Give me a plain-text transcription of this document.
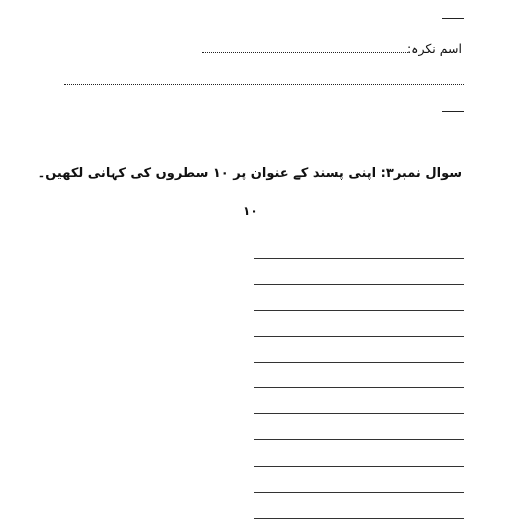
اسم نکرہ:
سوال نمبر۳: اپنی پسند کے عنوان پر ۱۰ سطروں کی کہانی لکھیں۔
۱۰
